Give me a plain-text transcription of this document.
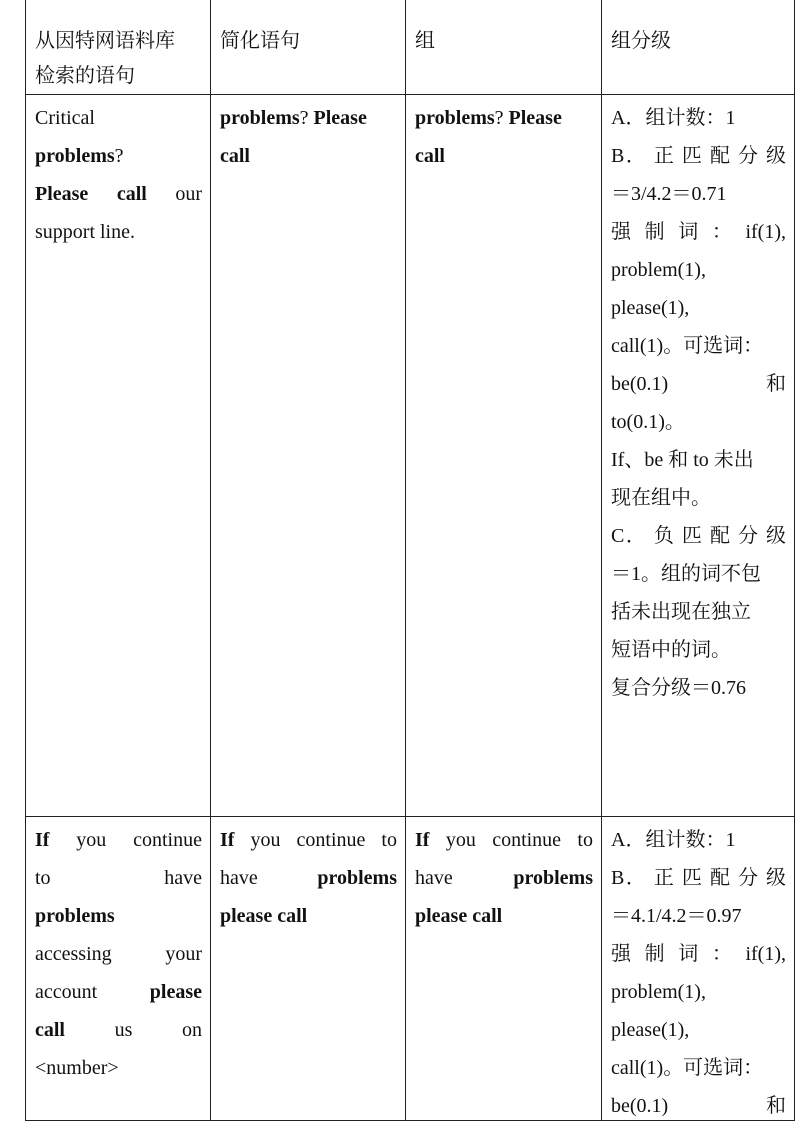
从因特网语料库
检索的语句
简化语句	组	组分级
Critical
problems?
Please call our
support line.
problems? Please
call
problems? Please
call
A．组计数：1
B． 正 匹 配 分 级
＝3/4.2＝0.71
强 制 词 ： if(1),
problem(1),
please(1),
call(1)。可选词：
be(0.1) 和
to(0.1)。
If、be 和 to 未出
现在组中。
C． 负 匹 配 分 级
＝1。组的词不包
括未出现在独立
短语中的词。
复合分级＝0.76
If you continue
to have
problems
accessing your
account please
call us on
<number>
If you continue to
have problems
please call
If you continue to
have problems
please call
A．组计数：1
B． 正 匹 配 分 级
＝4.1/4.2＝0.97
强 制 词 ： if(1),
problem(1),
please(1),
call(1)。可选词：
be(0.1) 和
